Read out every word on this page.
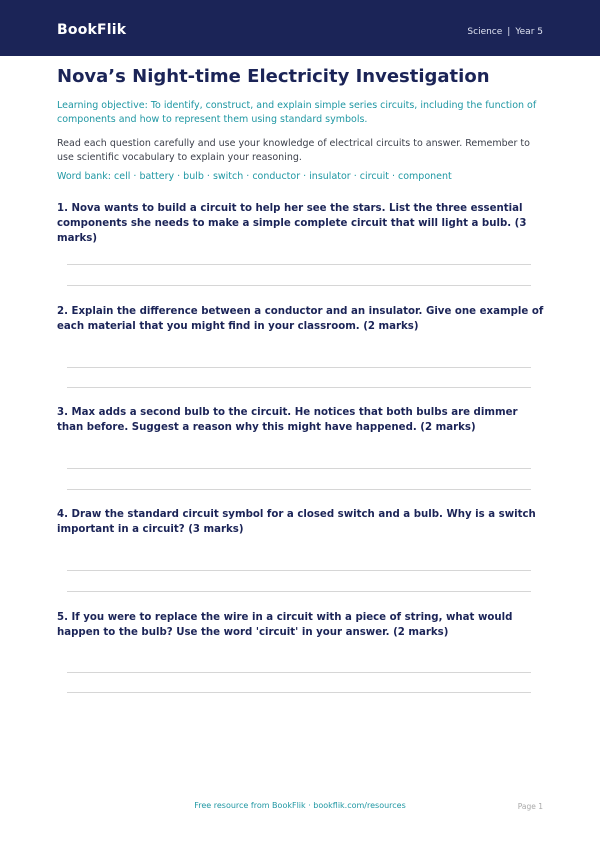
BookFlik	Science | Year 5
Nova’s Night-time Electricity Investigation
Learning objective: To identify, construct, and explain simple series circuits, including the function of components and how to represent them using standard symbols.
Read each question carefully and use your knowledge of electrical circuits to answer. Remember to use scientific vocabulary to explain your reasoning.
Word bank: cell · battery · bulb · switch · conductor · insulator · circuit · component
1. Nova wants to build a circuit to help her see the stars. List the three essential components she needs to make a simple complete circuit that will light a bulb. (3 marks)
2. Explain the difference between a conductor and an insulator. Give one example of each material that you might find in your classroom. (2 marks)
3. Max adds a second bulb to the circuit. He notices that both bulbs are dimmer than before. Suggest a reason why this might have happened. (2 marks)
4. Draw the standard circuit symbol for a closed switch and a bulb. Why is a switch important in a circuit? (3 marks)
5. If you were to replace the wire in a circuit with a piece of string, what would happen to the bulb? Use the word 'circuit' in your answer. (2 marks)
Free resource from BookFlik · bookflik.com/resources	Page 1
